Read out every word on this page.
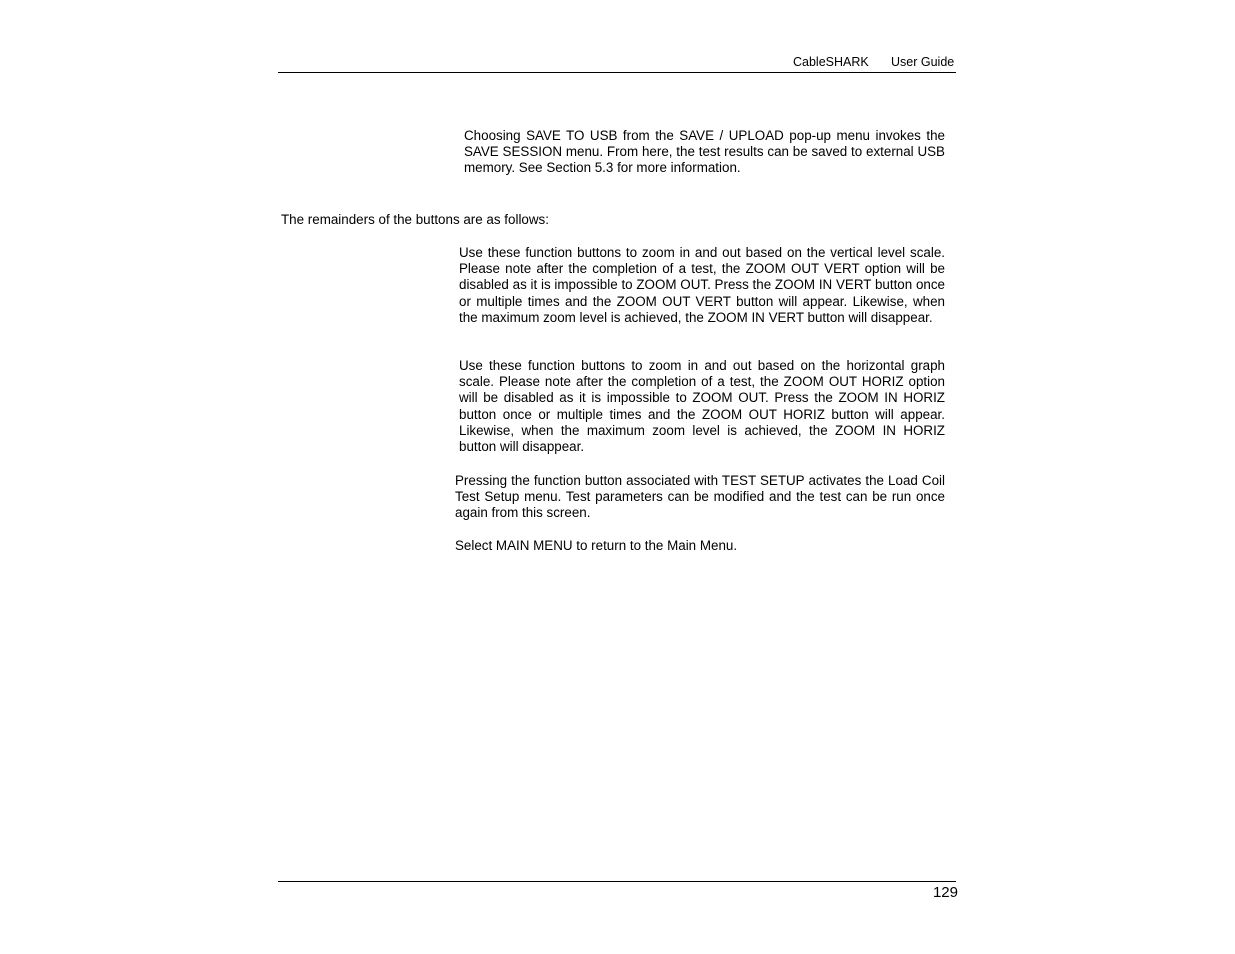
CableSHARK User Guide

Choosing SAVE TO USB from the SAVE / UPLOAD pop-up menu invokes the SAVE SESSION menu. From here, the test results can be saved to external USB memory. See Section 5.3 for more information.

The remainders of the buttons are as follows:

Use these function buttons to zoom in and out based on the vertical level scale. Please note after the completion of a test, the ZOOM OUT VERT option will be disabled as it is impossible to ZOOM OUT. Press the ZOOM IN VERT button once or multiple times and the ZOOM OUT VERT button will appear. Likewise, when the maximum zoom level is achieved, the ZOOM IN VERT button will disappear.

Use these function buttons to zoom in and out based on the horizontal graph scale. Please note after the completion of a test, the ZOOM OUT HORIZ option will be disabled as it is impossible to ZOOM OUT. Press the ZOOM IN HORIZ button once or multiple times and the ZOOM OUT HORIZ button will appear. Likewise, when the maximum zoom level is achieved, the ZOOM IN HORIZ button will disappear.

Pressing the function button associated with TEST SETUP activates the Load Coil Test Setup menu. Test parameters can be modified and the test can be run once again from this screen.

Select MAIN MENU to return to the Main Menu.

129
